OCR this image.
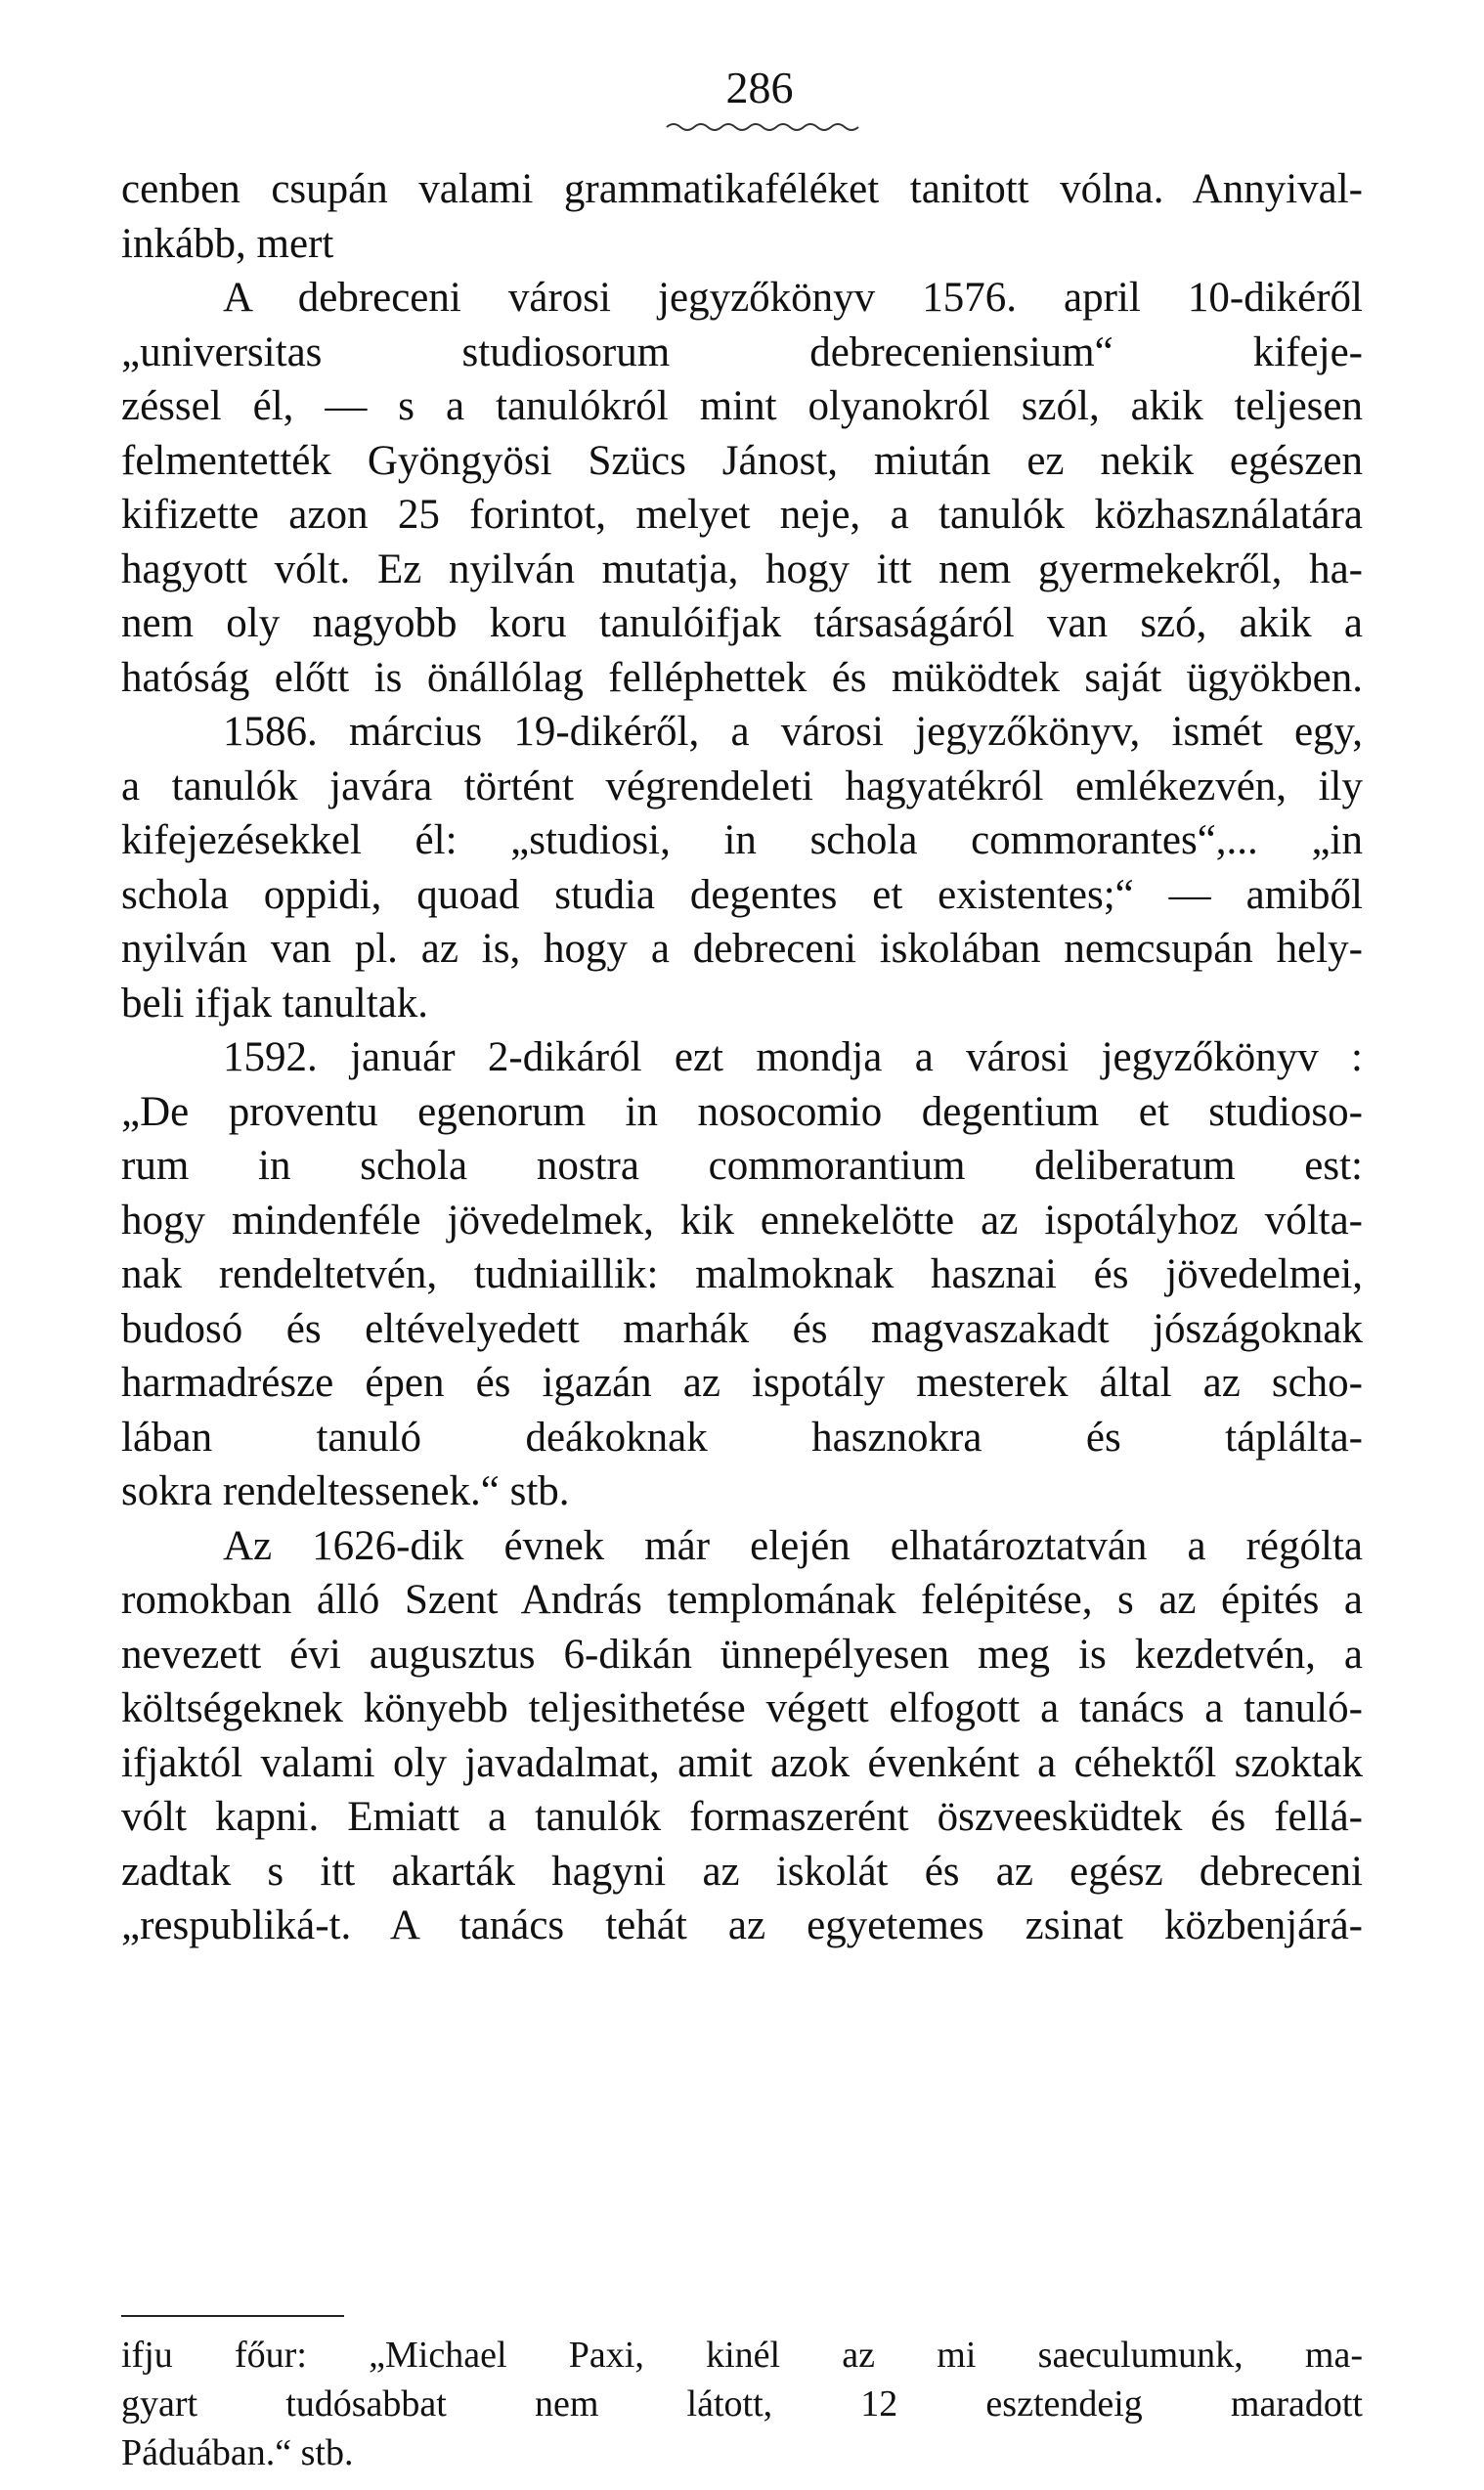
286
cenben csupán valami grammatikaféléket tanitott vólna. Annyival-
inkább, mert
A debreceni városi jegyzőkönyv 1576. april 10-dikéről
„universitas studiosorum debreceniensium“ kifeje-
zéssel él, — s a tanulókról mint olyanokról szól, akik teljesen
felmentették Gyöngyösi Szücs Jánost, miután ez nekik egészen
kifizette azon 25 forintot, melyet neje, a tanulók közhasználatára
hagyott vólt. Ez nyilván mutatja, hogy itt nem gyermekekről, ha-
nem oly nagyobb koru tanulóifjak társaságáról van szó, akik a
hatóság előtt is önállólag felléphettek és müködtek saját ügyökben.
1586. március 19-dikéről, a városi jegyzőkönyv, ismét egy,
a tanulók javára történt végrendeleti hagyatékról emlékezvén, ily
kifejezésekkel él: „studiosi, in schola commorantes“,... „in
schola oppidi, quoad studia degentes et existentes;“ — amiből
nyilván van pl. az is, hogy a debreceni iskolában nemcsupán hely-
beli ifjak tanultak.
1592. január 2-dikáról ezt mondja a városi jegyzőkönyv :
„De proventu egenorum in nosocomio degentium et studioso-
rum in schola nostra commorantium deliberatum est:
hogy mindenféle jövedelmek, kik ennekelötte az ispotályhoz vólta-
nak rendeltetvén, tudniaillik: malmoknak hasznai és jövedelmei,
budosó és eltévelyedett marhák és magvaszakadt jószágoknak
harmadrésze épen és igazán az ispotály mesterek által az scho-
lában tanuló deákoknak hasznokra és táplálta-
sokra rendeltessenek.“ stb.
Az 1626-dik évnek már elején elhatároztatván a régólta
romokban álló Szent András templomának felépitése, s az épités a
nevezett évi augusztus 6-dikán ünnepélyesen meg is kezdetvén, a
költségeknek könyebb teljesithetése végett elfogott a tanács a tanuló-
ifjaktól valami oly javadalmat, amit azok évenként a céhektől szoktak
vólt kapni. Emiatt a tanulók formaszerént öszveesküdtek és fellá-
zadtak s itt akarták hagyni az iskolát és az egész debreceni
„respubliká-t. A tanács tehát az egyetemes zsinat közbenjárá-
ifju főur: „Michael Paxi, kinél az mi saeculumunk, ma-
gyart tudósabbat nem látott, 12 esztendeig maradott
Páduában.“ stb.
